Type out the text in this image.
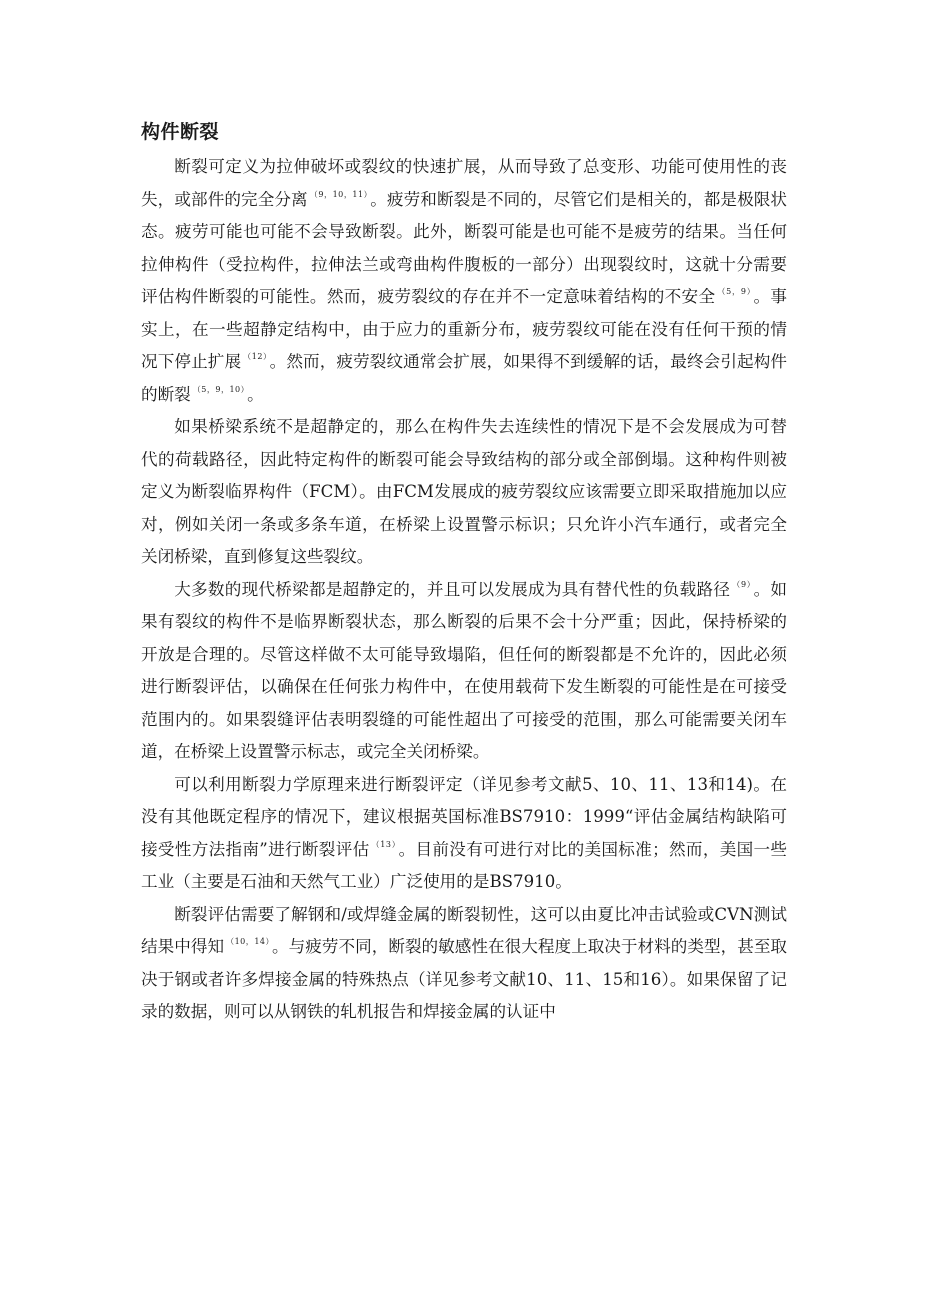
构件断裂

断裂可定义为拉伸破坏或裂纹的快速扩展，从而导致了总变形、功能可使用性的丧失，或部件的完全分离 $^{(9,10,11)}$ 。疲劳和断裂是不同的，尽管它们是相关的，都是极限状态。疲劳可能也可能不会导致断裂。此外，断裂可能是也可能不是疲劳的结果。当任何拉伸构件（受拉构件，拉伸法兰或弯曲构件腹板的一部分）出现裂纹时，这就十分需要评估构件断裂的可能性。然而，疲劳裂纹的存在并不一定意味着结构的不安全 $^{(5,9)}$ 。事实上，在一些超静定结构中，由于应力的重新分布，疲劳裂纹可能在没有任何干预的情况下停止扩展 $^{(12)}$ 。然而，疲劳裂纹通常会扩展，如果得不到缓解的话，最终会引起构件的断裂 $^{(5,9,10)}$ 。

如果桥梁系统不是超静定的，那么在构件失去连续性的情况下是不会发展成为可替代的荷载路径，因此特定构件的断裂可能会导致结构的部分或全部倒塌。这种构件则被定义为断裂临界构件（FCM）。由FCM发展成的疲劳裂纹应该需要立即采取措施加以应对，例如关闭一条或多条车道，在桥梁上设置警示标识；只允许小汽车通行，或者完全关闭桥梁，直到修复这些裂纹。

大多数的现代桥梁都是超静定的，并且可以发展成为具有替代性的负载路径 $^{(9)}$ 。如果有裂纹的构件不是临界断裂状态，那么断裂的后果不会十分严重；因此，保持桥梁的开放是合理的。尽管这样做不太可能导致塌陷，但任何的断裂都是不允许的，因此必须进行断裂评估，以确保在任何张力构件中，在使用载荷下发生断裂的可能性是在可接受范围内的。如果裂缝评估表明裂缝的可能性超出了可接受的范围，那么可能需要关闭车道，在桥梁上设置警示标志，或完全关闭桥梁。

可以利用断裂力学原理来进行断裂评定（详见参考文献5、10、11、13和14)。在没有其他既定程序的情况下，建议根据英国标准BS7910：1999“评估金属结构缺陷可接受性方法指南”进行断裂评估 $^{(13)}$ 。目前没有可进行对比的美国标准；然而，美国一些工业（主要是石油和天然气工业）广泛使用的是BS7910。

断裂评估需要了解钢和/或焊缝金属的断裂韧性，这可以由夏比冲击试验或CVN测试结果中得知 $^{(10,14)}$ 。与疲劳不同，断裂的敏感性在很大程度上取决于材料的类型，甚至取决于钢或者许多焊接金属的特殊热点（详见参考文献10、11、15和16）。如果保留了记录的数据，则可以从钢铁的轧机报告和焊接金属的认证中
